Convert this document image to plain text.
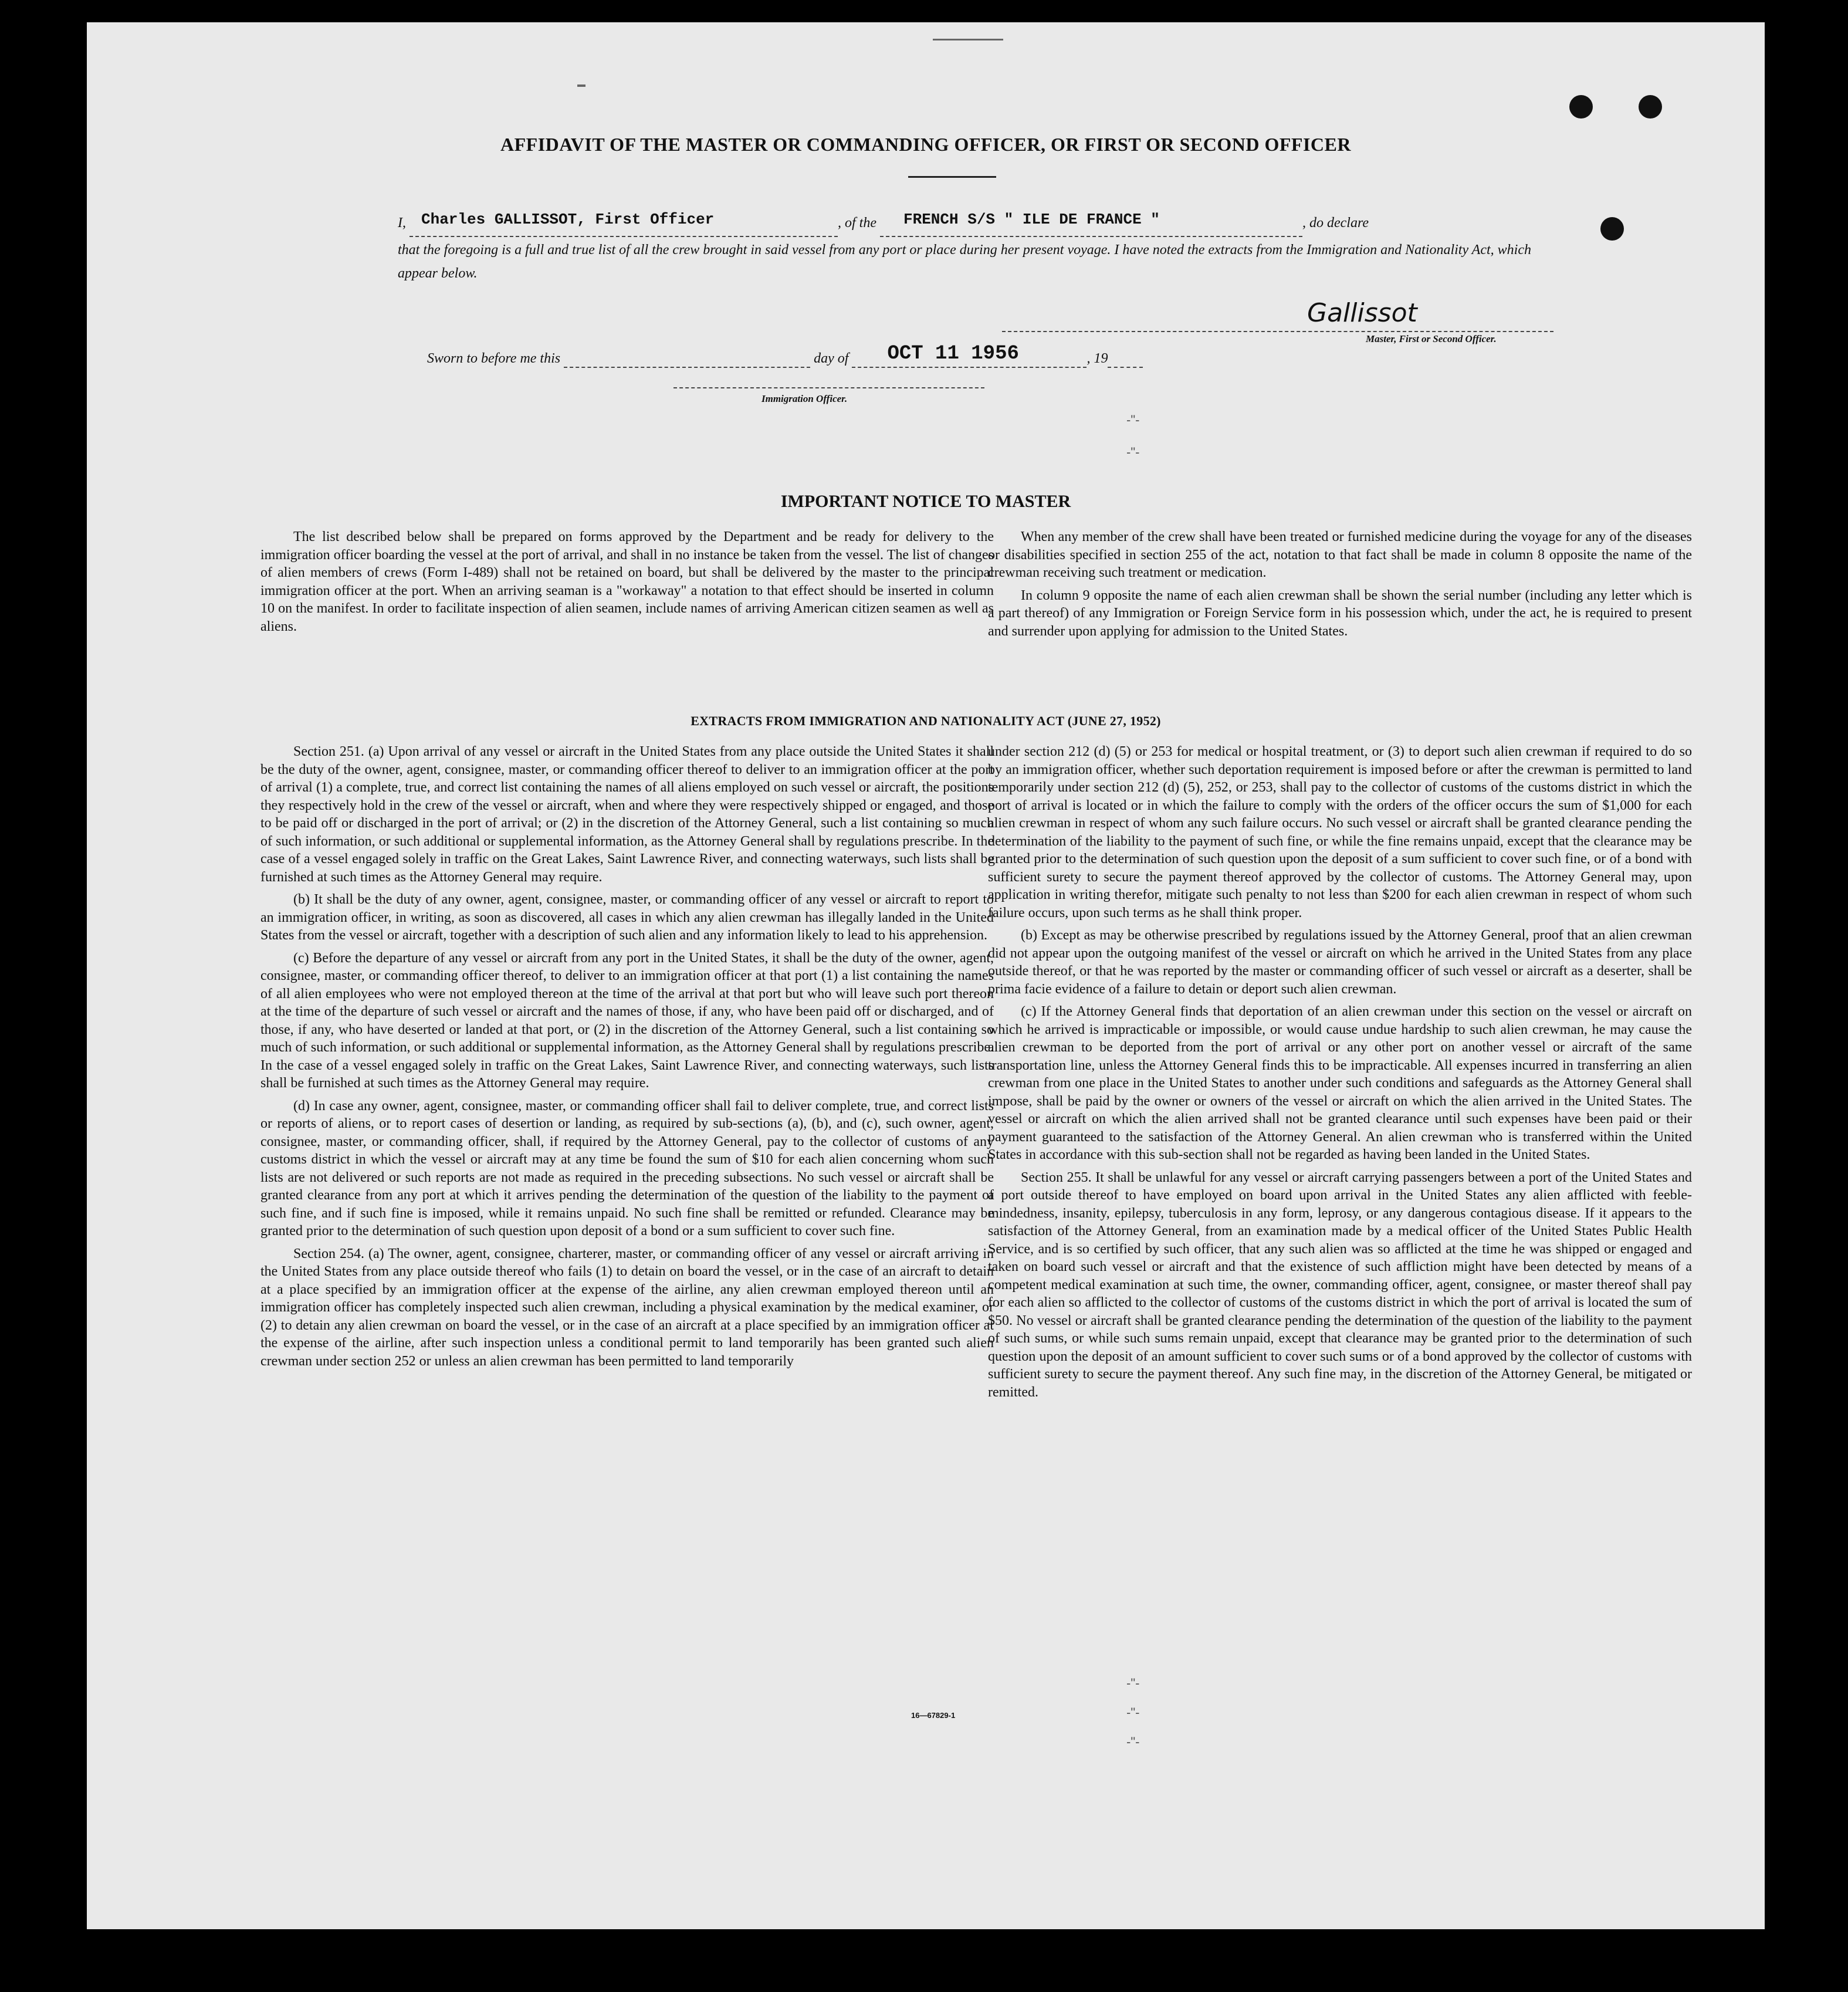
AFFIDAVIT OF THE MASTER OR COMMANDING OFFICER, OR FIRST OR SECOND OFFICER
I, Charles GALLISSOT, First Officer	, of the FRENCH S/S " ILE DE FRANCE "	, do declare
that the foregoing is a full and true list of all the crew brought in said vessel from any port or place during her present voyage. I have noted the extracts from the Immigration and Nationality Act, which appear below.
Gallissot
Master, First or Second Officer.
Sworn to before me this	day of OCT 11 1956	, 19
Immigration Officer.
-"-
-"-
-"-
-"-
-"-
IMPORTANT NOTICE TO MASTER

The list described below shall be prepared on forms approved by the Department and be ready for delivery to the immigration officer boarding the vessel at the port of arrival, and shall in no instance be taken from the vessel. The list of changes of alien members of crews (Form I-489) shall not be retained on board, but shall be delivered by the master to the principal immigration officer at the port. When an arriving seaman is a "workaway" a notation to that effect should be inserted in column 10 on the manifest. In order to facilitate inspection of alien seamen, include names of arriving American citizen seamen as well as aliens.

When any member of the crew shall have been treated or furnished medicine during the voyage for any of the diseases or disabilities specified in section 255 of the act, notation to that fact shall be made in column 8 opposite the name of the crewman receiving such treatment or medication.

In column 9 opposite the name of each alien crewman shall be shown the serial number (including any letter which is a part thereof) of any Immigration or Foreign Service form in his possession which, under the act, he is required to present and surrender upon applying for admission to the United States.

EXTRACTS FROM IMMIGRATION AND NATIONALITY ACT (JUNE 27, 1952)

Section 251. (a) Upon arrival of any vessel or aircraft in the United States from any place outside the United States it shall be the duty of the owner, agent, consignee, master, or commanding officer thereof to deliver to an immigration officer at the port of arrival (1) a complete, true, and correct list containing the names of all aliens employed on such vessel or aircraft, the positions they respectively hold in the crew of the vessel or aircraft, when and where they were respectively shipped or engaged, and those to be paid off or discharged in the port of arrival; or (2) in the discretion of the Attorney General, such a list containing so much of such information, or such additional or supplemental information, as the Attorney General shall by regulations prescribe. In the case of a vessel engaged solely in traffic on the Great Lakes, Saint Lawrence River, and connecting waterways, such lists shall be furnished at such times as the Attorney General may require.

(b) It shall be the duty of any owner, agent, consignee, master, or commanding officer of any vessel or aircraft to report to an immigration officer, in writing, as soon as discovered, all cases in which any alien crewman has illegally landed in the United States from the vessel or aircraft, together with a description of such alien and any information likely to lead to his apprehension.

(c) Before the departure of any vessel or aircraft from any port in the United States, it shall be the duty of the owner, agent, consignee, master, or commanding officer thereof, to deliver to an immigration officer at that port (1) a list containing the names of all alien employees who were not employed thereon at the time of the arrival at that port but who will leave such port thereon at the time of the departure of such vessel or aircraft and the names of those, if any, who have been paid off or discharged, and of those, if any, who have deserted or landed at that port, or (2) in the discretion of the Attorney General, such a list containing so much of such information, or such additional or supplemental information, as the Attorney General shall by regulations prescribe. In the case of a vessel engaged solely in traffic on the Great Lakes, Saint Lawrence River, and connecting waterways, such lists shall be furnished at such times as the Attorney General may require.

(d) In case any owner, agent, consignee, master, or commanding officer shall fail to deliver complete, true, and correct lists or reports of aliens, or to report cases of desertion or landing, as required by sub-sections (a), (b), and (c), such owner, agent, consignee, master, or commanding officer, shall, if required by the Attorney General, pay to the collector of customs of any customs district in which the vessel or aircraft may at any time be found the sum of $10 for each alien concerning whom such lists are not delivered or such reports are not made as required in the preceding subsections. No such vessel or aircraft shall be granted clearance from any port at which it arrives pending the determination of the question of the liability to the payment of such fine, and if such fine is imposed, while it remains unpaid. No such fine shall be remitted or refunded. Clearance may be granted prior to the determination of such question upon deposit of a bond or a sum sufficient to cover such fine.

Section 254. (a) The owner, agent, consignee, charterer, master, or commanding officer of any vessel or aircraft arriving in the United States from any place outside thereof who fails (1) to detain on board the vessel, or in the case of an aircraft to detain at a place specified by an immigration officer at the expense of the airline, any alien crewman employed thereon until an immigration officer has completely inspected such alien crewman, including a physical examination by the medical examiner, or (2) to detain any alien crewman on board the vessel, or in the case of an aircraft at a place specified by an immigration officer at the expense of the airline, after such inspection unless a conditional permit to land temporarily has been granted such alien crewman under section 252 or unless an alien crewman has been permitted to land temporarily

under section 212 (d) (5) or 253 for medical or hospital treatment, or (3) to deport such alien crewman if required to do so by an immigration officer, whether such deportation requirement is imposed before or after the crewman is permitted to land temporarily under section 212 (d) (5), 252, or 253, shall pay to the collector of customs of the customs district in which the port of arrival is located or in which the failure to comply with the orders of the officer occurs the sum of $1,000 for each alien crewman in respect of whom any such failure occurs. No such vessel or aircraft shall be granted clearance pending the determination of the liability to the payment of such fine, or while the fine remains unpaid, except that the clearance may be granted prior to the determination of such question upon the deposit of a sum sufficient to cover such fine, or of a bond with sufficient surety to secure the payment thereof approved by the collector of customs. The Attorney General may, upon application in writing therefor, mitigate such penalty to not less than $200 for each alien crewman in respect of whom such failure occurs, upon such terms as he shall think proper.

(b) Except as may be otherwise prescribed by regulations issued by the Attorney General, proof that an alien crewman did not appear upon the outgoing manifest of the vessel or aircraft on which he arrived in the United States from any place outside thereof, or that he was reported by the master or commanding officer of such vessel or aircraft as a deserter, shall be prima facie evidence of a failure to detain or deport such alien crewman.

(c) If the Attorney General finds that deportation of an alien crewman under this section on the vessel or aircraft on which he arrived is impracticable or impossible, or would cause undue hardship to such alien crewman, he may cause the alien crewman to be deported from the port of arrival or any other port on another vessel or aircraft of the same transportation line, unless the Attorney General finds this to be impracticable. All expenses incurred in transferring an alien crewman from one place in the United States to another under such conditions and safeguards as the Attorney General shall impose, shall be paid by the owner or owners of the vessel or aircraft on which the alien arrived in the United States. The vessel or aircraft on which the alien arrived shall not be granted clearance until such expenses have been paid or their payment guaranteed to the satisfaction of the Attorney General. An alien crewman who is transferred within the United States in accordance with this sub-section shall not be regarded as having been landed in the United States.

Section 255. It shall be unlawful for any vessel or aircraft carrying passengers between a port of the United States and a port outside thereof to have employed on board upon arrival in the United States any alien afflicted with feeble-mindedness, insanity, epilepsy, tuberculosis in any form, leprosy, or any dangerous contagious disease. If it appears to the satisfaction of the Attorney General, from an examination made by a medical officer of the United States Public Health Service, and is so certified by such officer, that any such alien was so afflicted at the time he was shipped or engaged and taken on board such vessel or aircraft and that the existence of such affliction might have been detected by means of a competent medical examination at such time, the owner, commanding officer, agent, consignee, or master thereof shall pay for each alien so afflicted to the collector of customs of the customs district in which the port of arrival is located the sum of $50. No vessel or aircraft shall be granted clearance pending the determination of the question of the liability to the payment of such sums, or while such sums remain unpaid, except that clearance may be granted prior to the determination of such question upon the deposit of an amount sufficient to cover such sums or of a bond approved by the collector of customs with sufficient surety to secure the payment thereof. Any such fine may, in the discretion of the Attorney General, be mitigated or remitted.

16—67829-1
